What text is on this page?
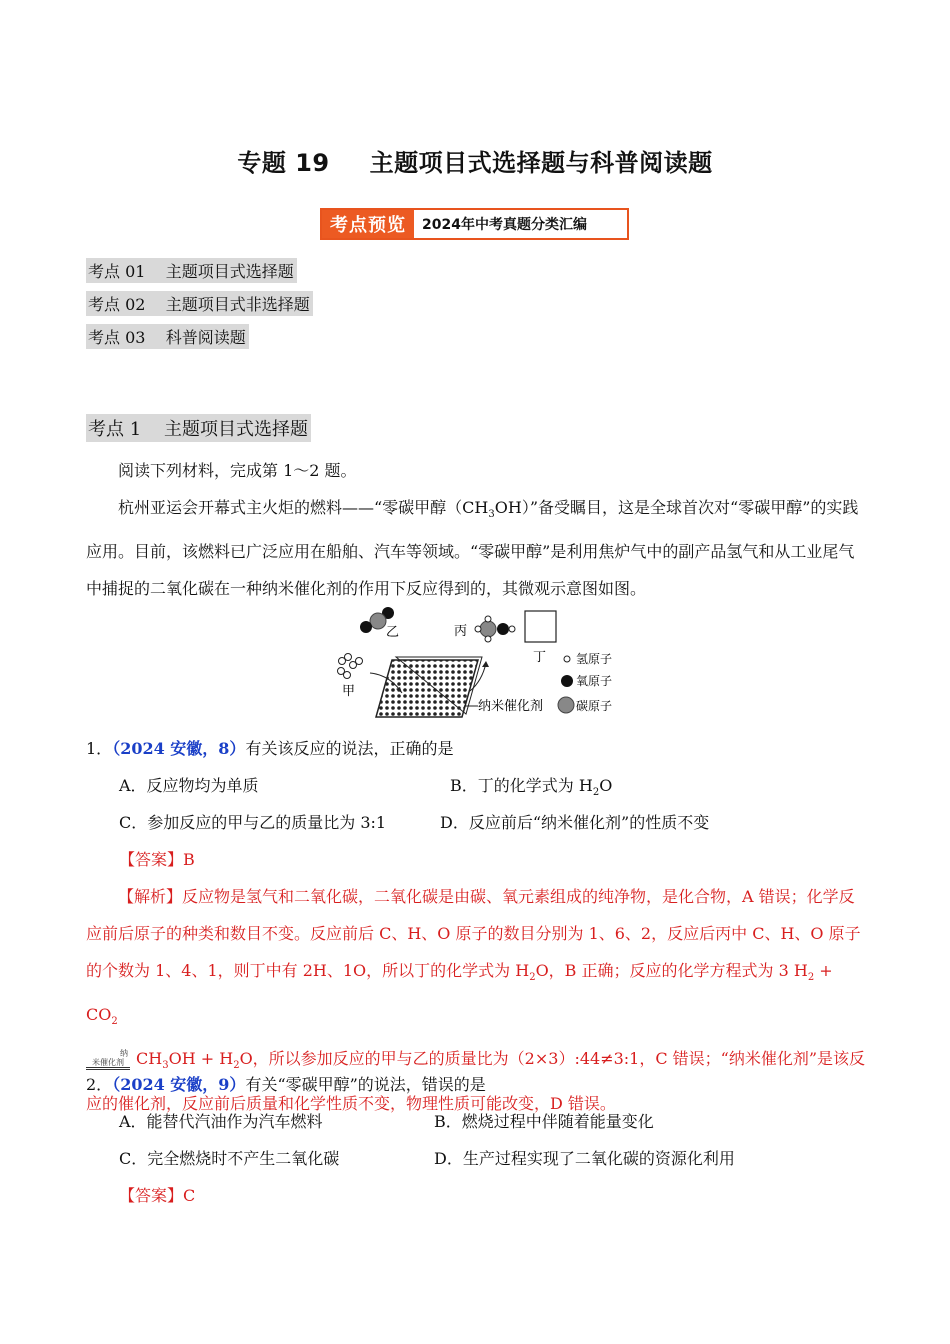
专题 19 主题项目式选择题与科普阅读题
考点预览	2024年中考真题分类汇编
考点 01    主题项目式选择题
考点 02    主题项目式非选择题
考点 03    科普阅读题
考点 1    主题项目式选择题
阅读下列材料，完成第 1～2 题。
杭州亚运会开幕式主火炬的燃料——“零碳甲醇$(CH_3OH)$”备受瞩目，这是全球首次对“零碳甲醇”的实践应用。目前，该燃料已广泛应用在船舶、汽车等领域。“零碳甲醇”是利用焦炉气中的副产品氢气和从工业尾气中捕捉的二氧化碳在一种纳米催化剂的作用下反应得到的，其微观示意图如图。
乙
甲
丙
丁
纳米催化剂
氢原子
氧原子
碳原子
1．（2024 安徽，8）有关该反应的说法，正确的是
A．反应物均为单质	B．丁的化学式为 $H_2O$
C．参加反应的甲与乙的质量比为 3:1	D．反应前后“纳米催化剂”的性质不变
【答案】B
【解析】反应物是氢气和二氧化碳，二氧化碳是由碳、氧元素组成的纯净物，是化合物，A 错误；化学反应前后原子的种类和数目不变。反应前后 C、H、O 原子的数目分别为 1、6、2，反应后丙中 C、H、O 原子的个数为 1、4、1，则丁中有 2H、1O，所以丁的化学式为 $H_2O$，B 正确；反应的化学方程式为 3 $H_2 + CO_2$
纳米催化剂 $CH_3OH + H_2O$，所以参加反应的甲与乙的质量比为（2×3）:44≠3:1，C 错误；“纳米催化剂”是该反应的催化剂，反应前后质量和化学性质不变，物理性质可能改变，D 错误。
2．（2024 安徽，9）有关“零碳甲醇”的说法，错误的是
A．能替代汽油作为汽车燃料	B．燃烧过程中伴随着能量变化
C．完全燃烧时不产生二氧化碳	D．生产过程实现了二氧化碳的资源化利用
【答案】C
